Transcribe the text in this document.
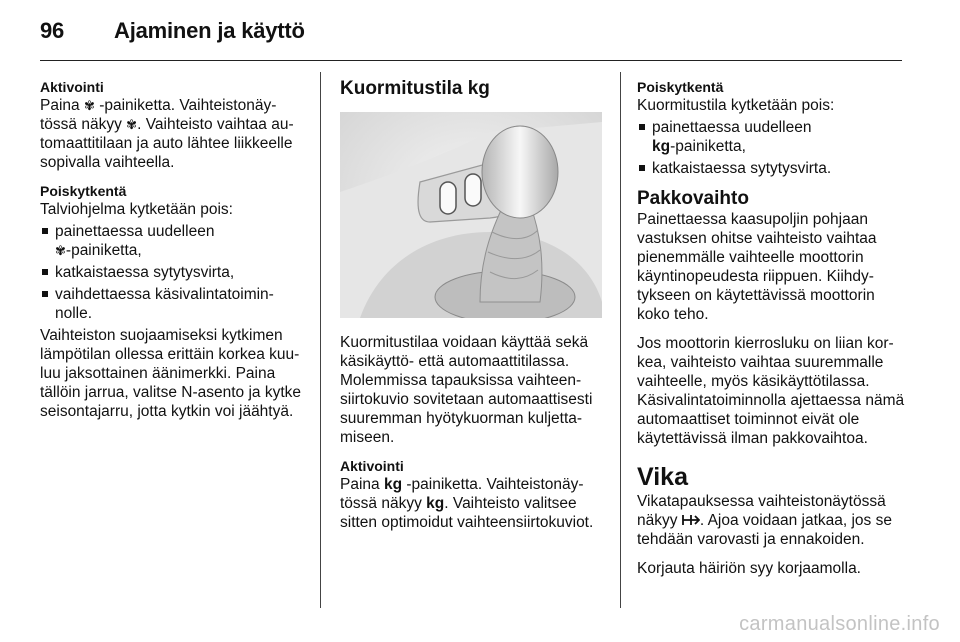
96 Ajaminen ja käyttö

Aktivointi

Paina ✾ -painiketta. Vaihteistonäy-tössä näkyy ✾. Vaihteisto vaihtaa au-tomaattitilaan ja auto lähtee liikkeelle sopivalla vaihteella.

Poiskytkentä

Talviohjelma kytketään pois:

painettaessa uudelleen
✾-painiketta,
katkaistaessa sytytysvirta,
vaihdettaessa käsivalintatoimin-nolle.

Vaihteiston suojaamiseksi kytkimen lämpötilan ollessa erittäin korkea kuu-luu jaksottainen äänimerkki. Paina tällöin jarrua, valitse N-asento ja kytke seisontajarru, jotta kytkin voi jäähtyä.

Kuormitustila kg

Kuormitustilaa voidaan käyttää sekä käsikäyttö- että automaattitilassa. Molemmissa tapauksissa vaihteen-siirtokuvio sovitetaan automaattisesti suuremman hyötykuorman kuljetta-miseen.

Aktivointi

Paina kg -painiketta. Vaihteistonäy-tössä näkyy kg. Vaihteisto valitsee sitten optimoidut vaihteensiirtokuviot.

Poiskytkentä

Kuormitustila kytketään pois:

painettaessa uudelleen
kg-painiketta,
katkaistaessa sytytysvirta.

Pakkovaihto

Painettaessa kaasupoljin pohjaan vastuksen ohitse vaihteisto vaihtaa pienemmälle vaihteelle moottorin käyntinopeudesta riippuen. Kiihdy-tykseen on käytettävissä moottorin koko teho.

Jos moottorin kierrosluku on liian kor-kea, vaihteisto vaihtaa suuremmalle vaihteelle, myös käsikäyttötilassa. Käsivalintatoiminnolla ajettaessa nämä automaattiset toiminnot eivät ole käytettävissä ilman pakkovaihtoa.

Vika

Vikatapauksessa vaihteistonäytössä näkyy . Ajoa voidaan jatkaa, jos se tehdään varovasti ja ennakoiden.

Korjauta häiriön syy korjaamolla.

carmanualsonline.info
